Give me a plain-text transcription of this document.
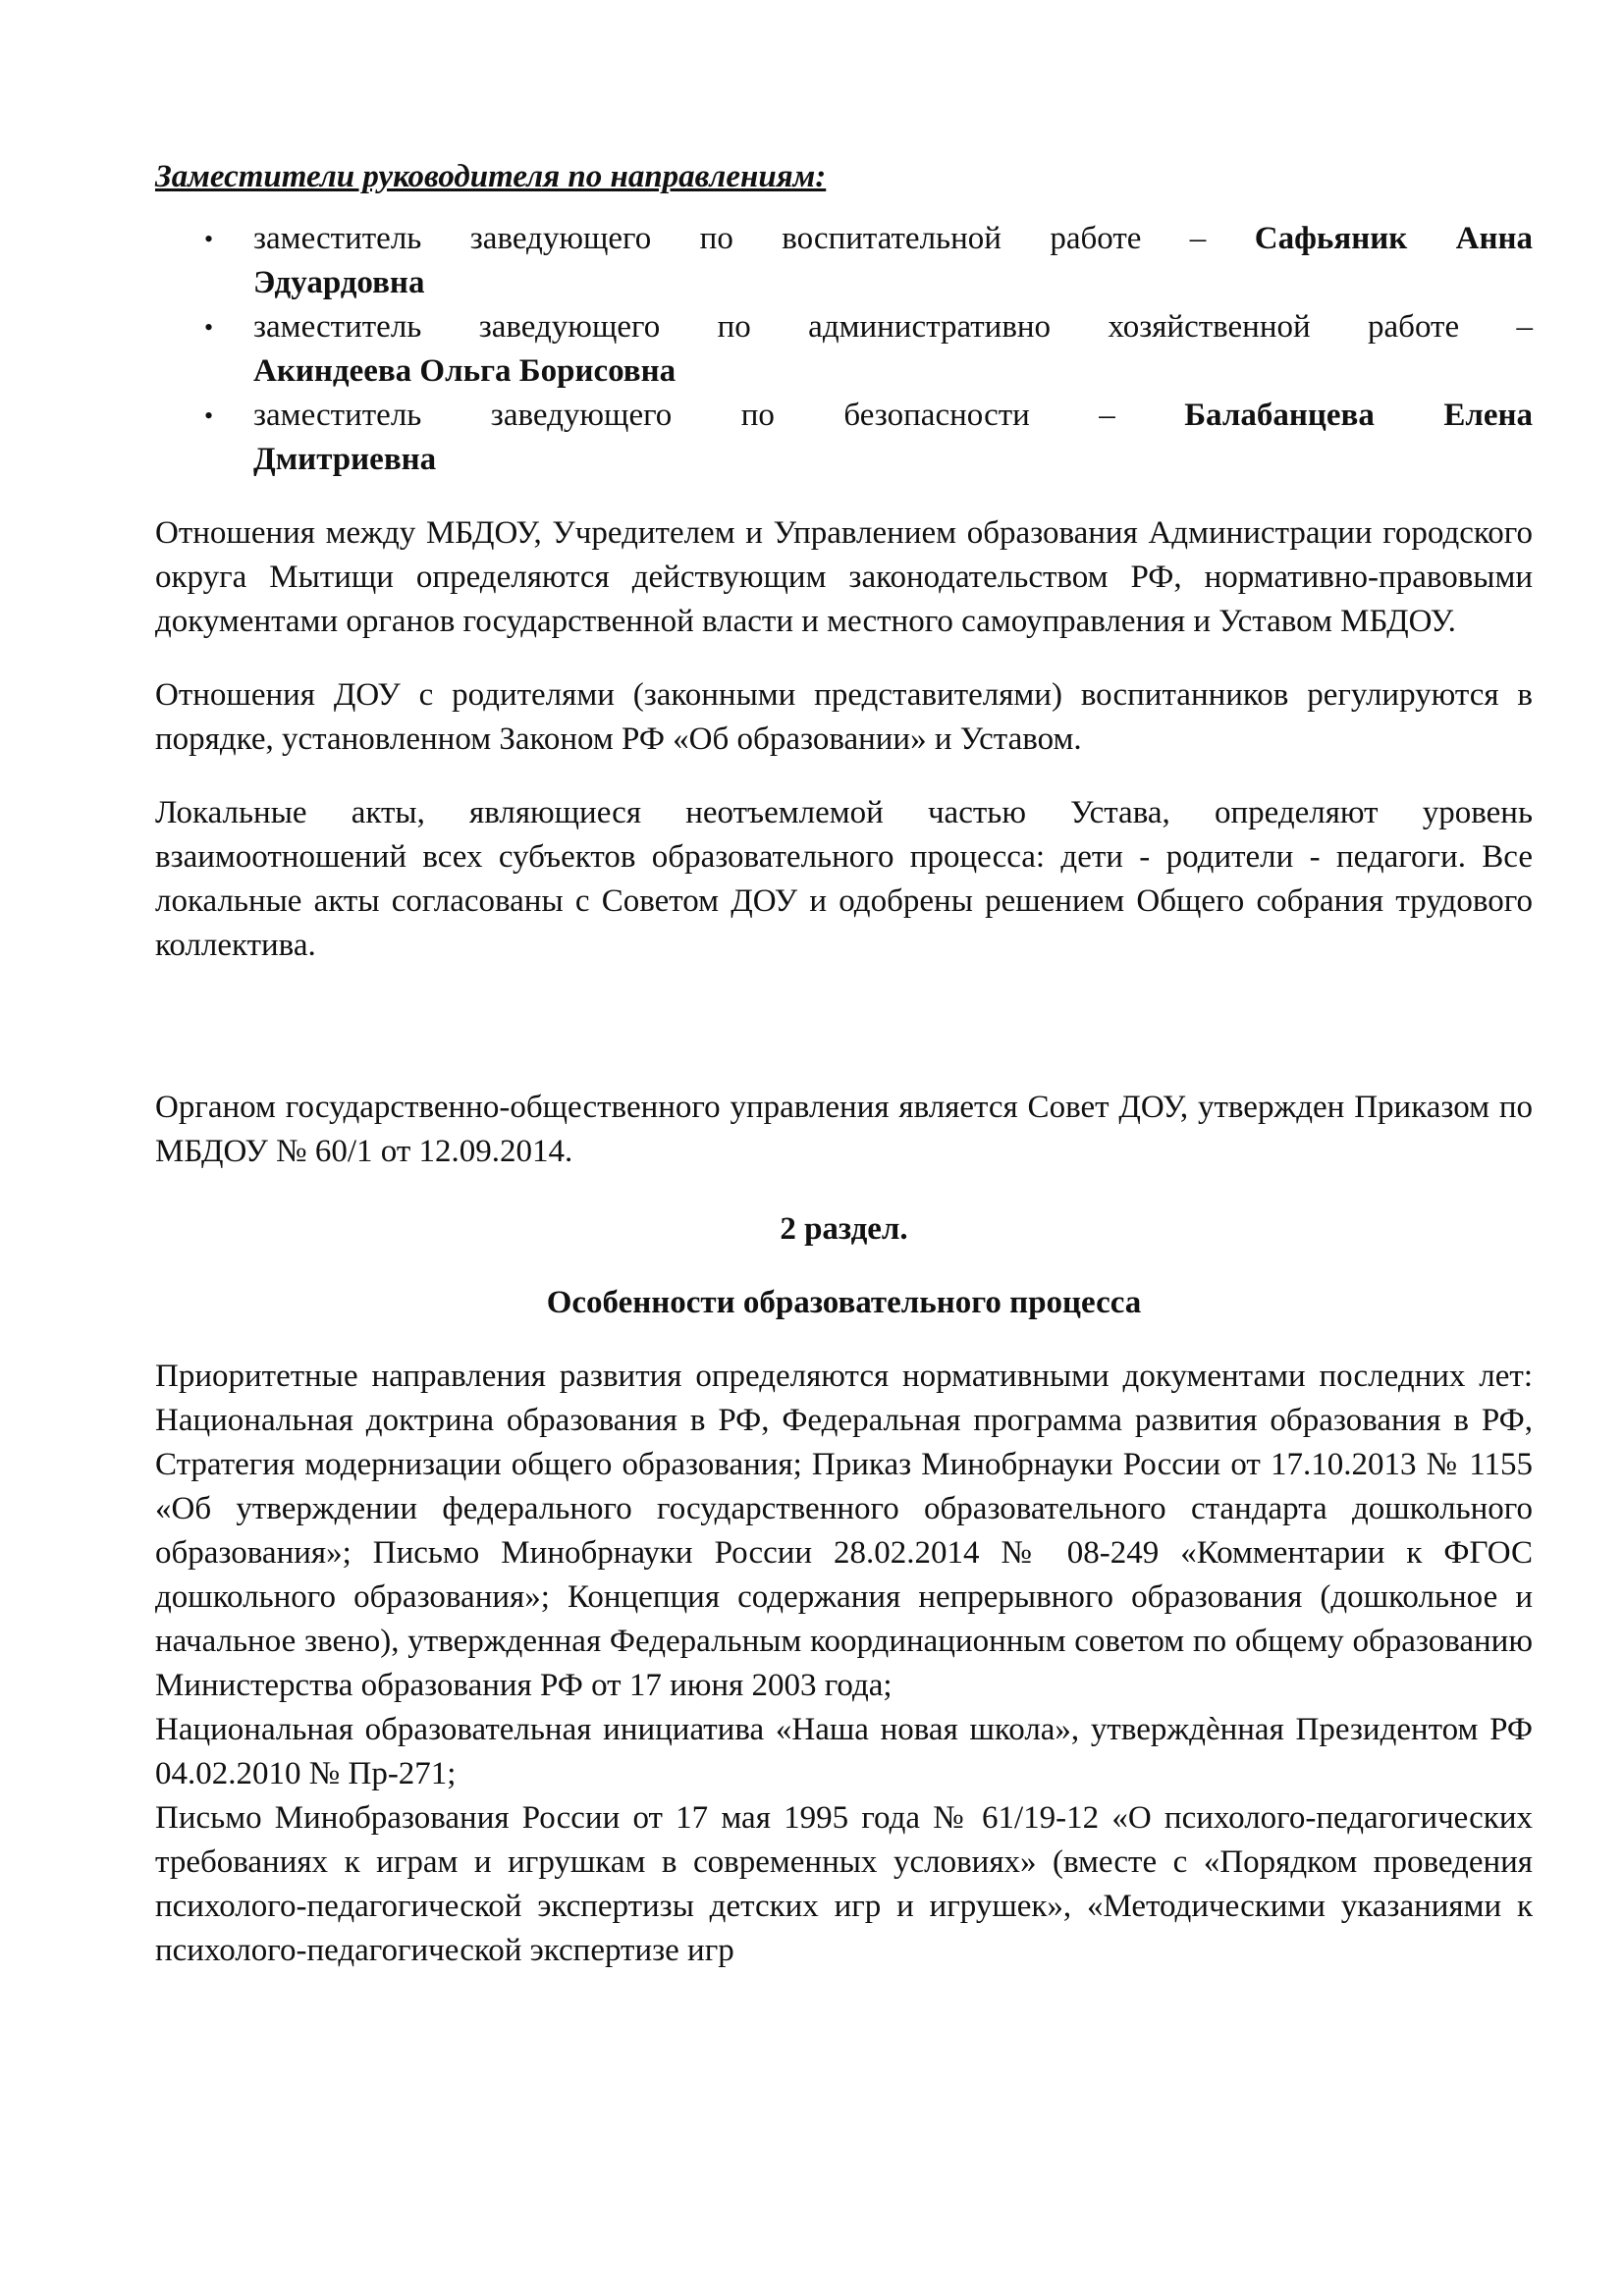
Заместители руководителя по направлениям:
• заместитель заведующего по воспитательной работе – Сафьяник Анна
Эдуардовна
• заместитель заведующего по административно хозяйственной работе –
Акиндеева Ольга Борисовна
• заместитель заведующего по безопасности – Балабанцева Елена
Дмитриевна

Отношения между МБДОУ, Учредителем и Управлением образования Администрации городского округа Мытищи определяются действующим законодательством РФ, нормативно-правовыми документами органов государственной власти и местного самоуправления и Уставом МБДОУ.

Отношения ДОУ с родителями (законными представителями) воспитанников регулируются в порядке, установленном Законом РФ «Об образовании» и Уставом.

Локальные акты, являющиеся неотъемлемой частью Устава, определяют уровень взаимоотношений всех субъектов образовательного процесса: дети - родители - педагоги. Все локальные акты согласованы с Советом ДОУ и одобрены решением Общего собрания трудового коллектива.

Органом государственно-общественного управления является Совет ДОУ, утвержден Приказом по МБДОУ № 60/1 от 12.09.2014.

2 раздел.
Особенности образовательного процесса

Приоритетные направления развития определяются нормативными документами последних лет: Национальная доктрина образования в РФ, Федеральная программа развития образования в РФ, Стратегия модернизации общего образования; Приказ Минобрнауки России от 17.10.2013 № 1155 «Об утверждении федерального государственного образовательного стандарта дошкольного образования»; Письмо Минобрнауки России 28.02.2014 № 08-249 «Комментарии к ФГОС дошкольного образования»; Концепция содержания непрерывного образования (дошкольное и начальное звено), утвержденная Федеральным координационным советом по общему образованию Министерства образования РФ от 17 июня 2003 года;

Национальная образовательная инициатива «Наша новая школа», утверждѐнная Президентом РФ 04.02.2010 № Пр-271;

Письмо Минобразования России от 17 мая 1995 года № 61/19-12 «О психолого-педагогических требованиях к играм и игрушкам в современных условиях» (вместе с «Порядком проведения психолого-педагогической экспертизы детских игр и игрушек», «Методическими указаниями к психолого-педагогической экспертизе игр
